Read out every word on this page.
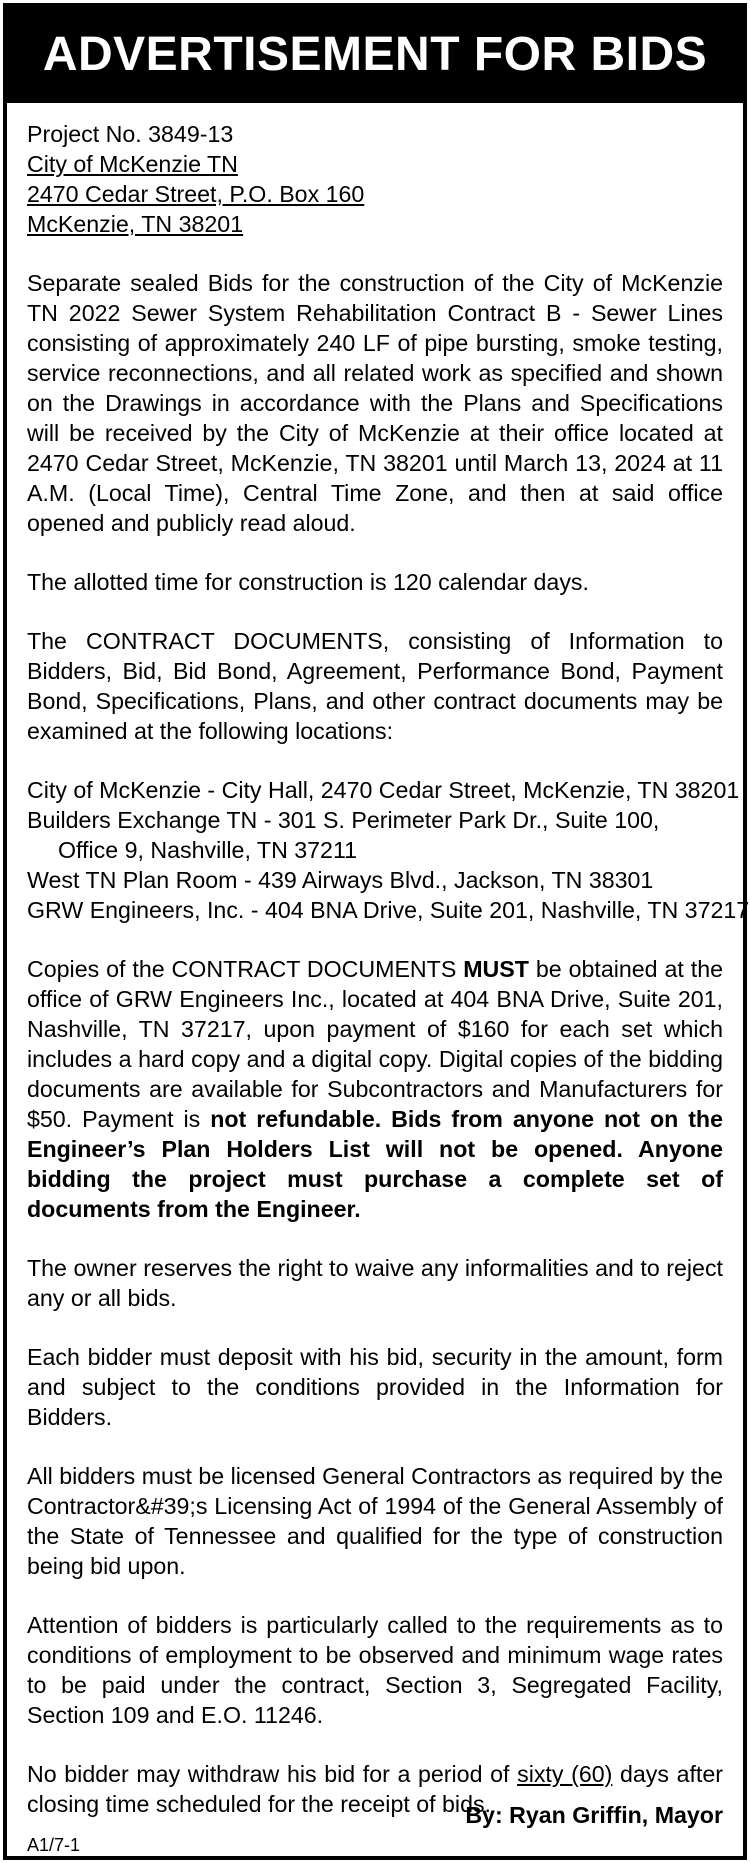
ADVERTISEMENT FOR BIDS
Project No. 3849-13
City of McKenzie TN
2470 Cedar Street, P.O. Box 160
McKenzie, TN 38201
Separate sealed Bids for the construction of the City of McKenzie TN 2022 Sewer System Rehabilitation Contract B - Sewer Lines consisting of approximately 240 LF of pipe bursting, smoke testing, service reconnections, and all related work as specified and shown on the Drawings in accordance with the Plans and Specifications will be received by the City of McKenzie at their office located at 2470 Cedar Street, McKenzie, TN 38201 until March 13, 2024 at 11 A.M. (Local Time), Central Time Zone, and then at said office opened and publicly read aloud.
The allotted time for construction is 120 calendar days.
The CONTRACT DOCUMENTS, consisting of Information to Bidders, Bid, Bid Bond, Agreement, Performance Bond, Payment Bond, Specifications, Plans, and other contract documents may be examined at the following locations:
City of McKenzie - City Hall, 2470 Cedar Street, McKenzie, TN 38201
Builders Exchange TN - 301 S. Perimeter Park Dr., Suite 100,
Office 9, Nashville, TN 37211
West TN Plan Room - 439 Airways Blvd., Jackson, TN 38301
GRW Engineers, Inc. - 404 BNA Drive, Suite 201, Nashville, TN 37217
Copies of the CONTRACT DOCUMENTS MUST be obtained at the office of GRW Engineers Inc., located at 404 BNA Drive, Suite 201, Nashville, TN 37217, upon payment of $160 for each set which includes a hard copy and a digital copy. Digital copies of the bidding documents are available for Subcontractors and Manufacturers for $50. Payment is not refundable. Bids from anyone not on the Engineer’s Plan Holders List will not be opened. Anyone bidding the project must purchase a complete set of documents from the Engineer.
The owner reserves the right to waive any informalities and to reject any or all bids.
Each bidder must deposit with his bid, security in the amount, form and subject to the conditions provided in the Information for Bidders.
All bidders must be licensed General Contractors as required by the Contractor&#39;s Licensing Act of 1994 of the General Assembly of the State of Tennessee and qualified for the type of construction being bid upon.
Attention of bidders is particularly called to the requirements as to conditions of employment to be observed and minimum wage rates to be paid under the contract, Section 3, Segregated Facility, Section 109 and E.O. 11246.
No bidder may withdraw his bid for a period of sixty (60) days after closing time scheduled for the receipt of bids.
By: Ryan Griffin, Mayor
A1/7-1
